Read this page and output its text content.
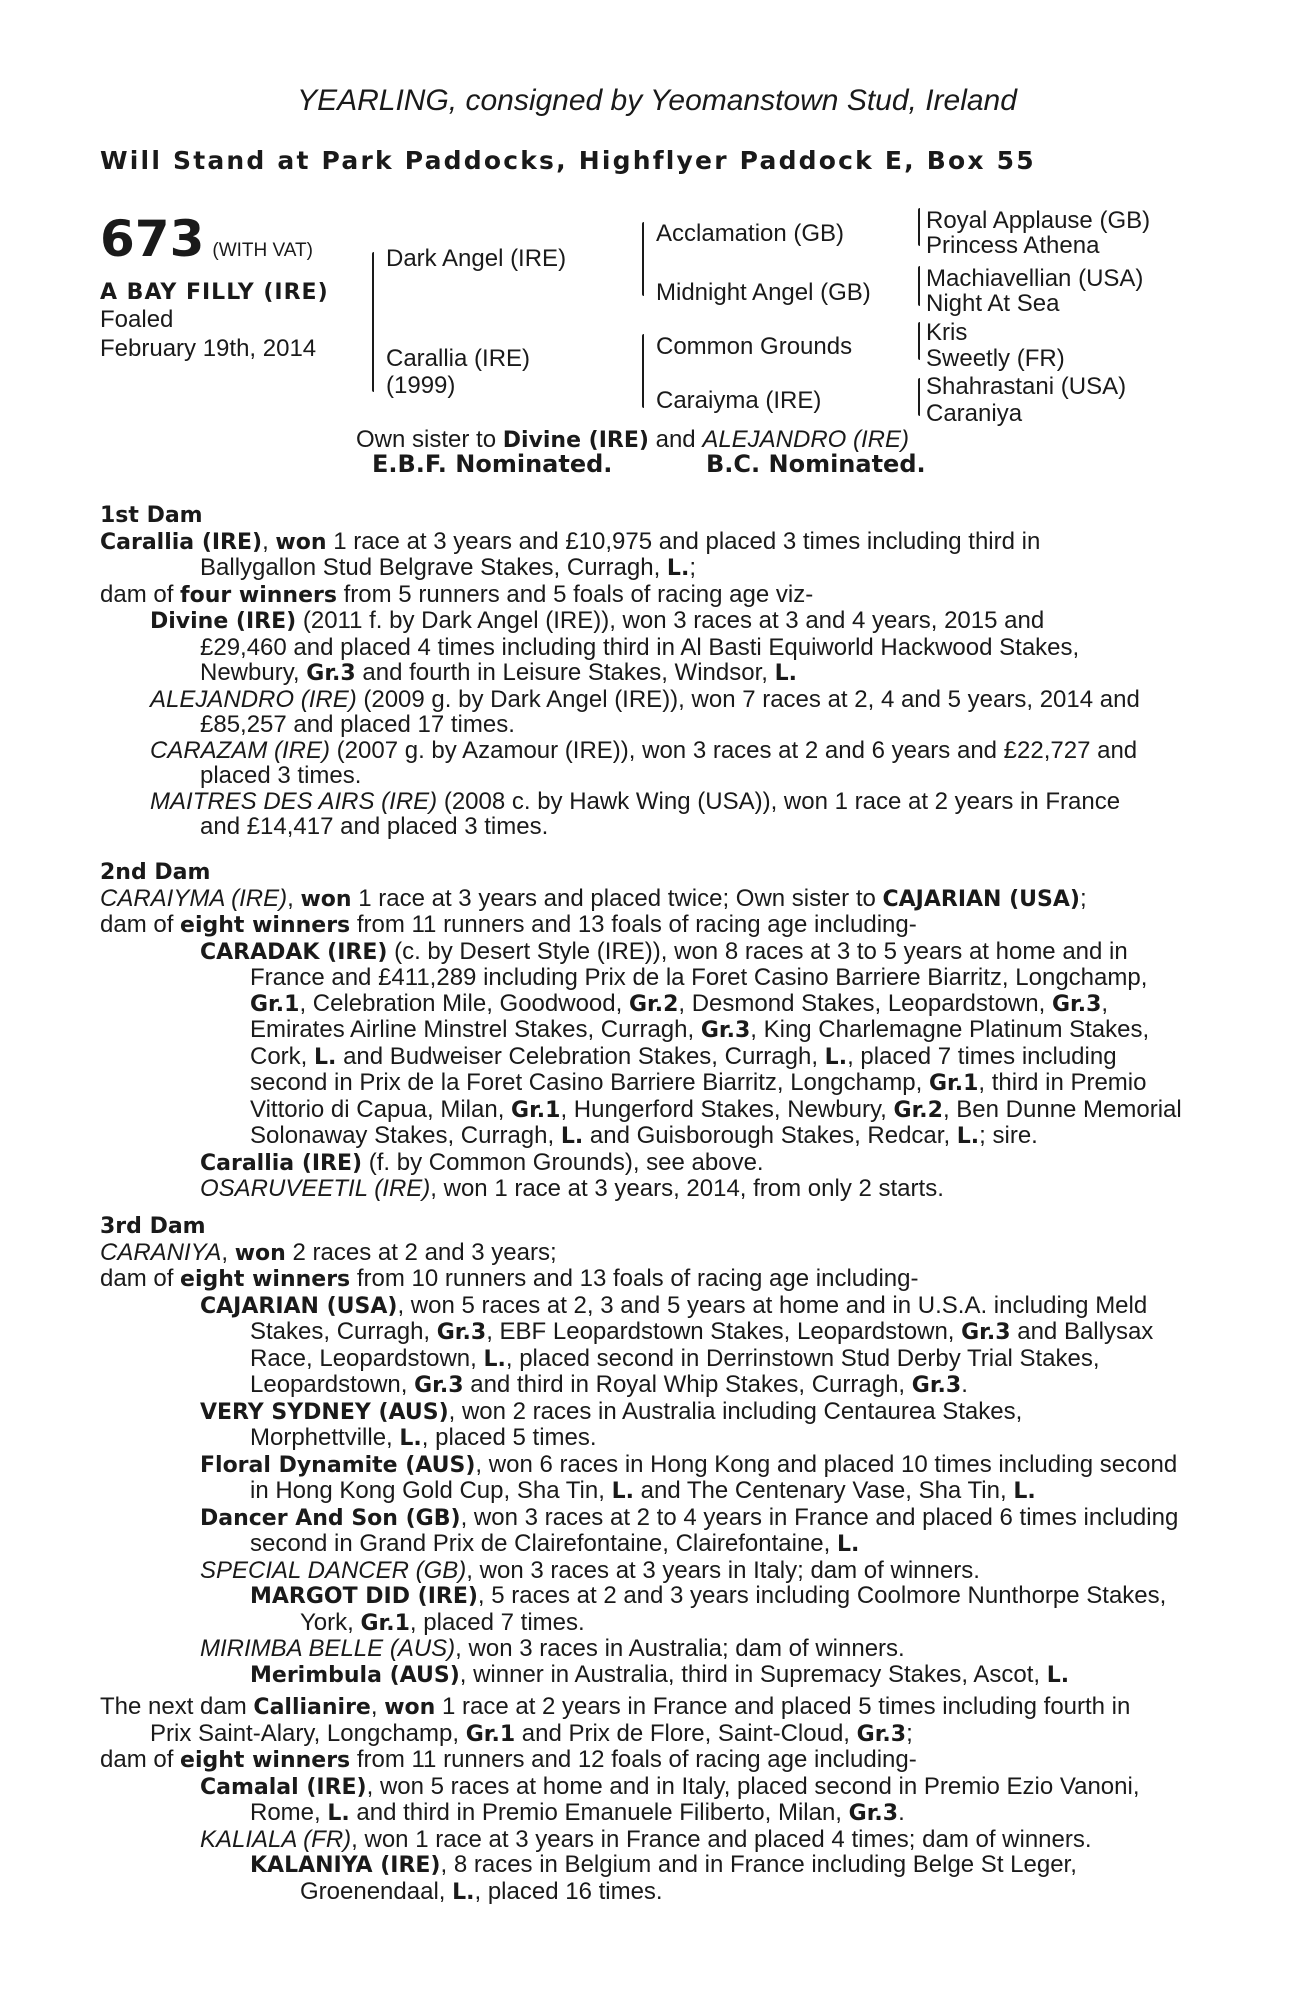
YEARLING, consigned by Yeomanstown Stud, Ireland
Will Stand at Park Paddocks, Highflyer Paddock E, Box 55
673 (WITH VAT)
A BAY FILLY (IRE)
Foaled
February 19th, 2014
Dark Angel (IRE)
Carallia (IRE)
(1999)
Acclamation (GB)
Midnight Angel (GB)
Common Grounds
Caraiyma (IRE)
Royal Applause (GB)
Princess Athena
Machiavellian (USA)
Night At Sea
Kris
Sweetly (FR)
Shahrastani (USA)
Caraniya
Own sister to Divine (IRE) and ALEJANDRO (IRE)
E.B.F. Nominated.	B.C. Nominated.
1st Dam
Carallia (IRE), won 1 race at 3 years and £10,975 and placed 3 times including third in
Ballygallon Stud Belgrave Stakes, Curragh, L.;
dam of four winners from 5 runners and 5 foals of racing age viz-
Divine (IRE) (2011 f. by Dark Angel (IRE)), won 3 races at 3 and 4 years, 2015 and
£29,460 and placed 4 times including third in Al Basti Equiworld Hackwood Stakes,
Newbury, Gr.3 and fourth in Leisure Stakes, Windsor, L.
ALEJANDRO (IRE) (2009 g. by Dark Angel (IRE)), won 7 races at 2, 4 and 5 years, 2014 and
£85,257 and placed 17 times.
CARAZAM (IRE) (2007 g. by Azamour (IRE)), won 3 races at 2 and 6 years and £22,727 and
placed 3 times.
MAITRES DES AIRS (IRE) (2008 c. by Hawk Wing (USA)), won 1 race at 2 years in France
and £14,417 and placed 3 times.
2nd Dam
CARAIYMA (IRE), won 1 race at 3 years and placed twice; Own sister to CAJARIAN (USA);
dam of eight winners from 11 runners and 13 foals of racing age including-
CARADAK (IRE) (c. by Desert Style (IRE)), won 8 races at 3 to 5 years at home and in
France and £411,289 including Prix de la Foret Casino Barriere Biarritz, Longchamp,
Gr.1, Celebration Mile, Goodwood, Gr.2, Desmond Stakes, Leopardstown, Gr.3,
Emirates Airline Minstrel Stakes, Curragh, Gr.3, King Charlemagne Platinum Stakes,
Cork, L. and Budweiser Celebration Stakes, Curragh, L., placed 7 times including
second in Prix de la Foret Casino Barriere Biarritz, Longchamp, Gr.1, third in Premio
Vittorio di Capua, Milan, Gr.1, Hungerford Stakes, Newbury, Gr.2, Ben Dunne Memorial
Solonaway Stakes, Curragh, L. and Guisborough Stakes, Redcar, L.; sire.
Carallia (IRE) (f. by Common Grounds), see above.
OSARUVEETIL (IRE), won 1 race at 3 years, 2014, from only 2 starts.
3rd Dam
CARANIYA, won 2 races at 2 and 3 years;
dam of eight winners from 10 runners and 13 foals of racing age including-
CAJARIAN (USA), won 5 races at 2, 3 and 5 years at home and in U.S.A. including Meld
Stakes, Curragh, Gr.3, EBF Leopardstown Stakes, Leopardstown, Gr.3 and Ballysax
Race, Leopardstown, L., placed second in Derrinstown Stud Derby Trial Stakes,
Leopardstown, Gr.3 and third in Royal Whip Stakes, Curragh, Gr.3.
VERY SYDNEY (AUS), won 2 races in Australia including Centaurea Stakes,
Morphettville, L., placed 5 times.
Floral Dynamite (AUS), won 6 races in Hong Kong and placed 10 times including second
in Hong Kong Gold Cup, Sha Tin, L. and The Centenary Vase, Sha Tin, L.
Dancer And Son (GB), won 3 races at 2 to 4 years in France and placed 6 times including
second in Grand Prix de Clairefontaine, Clairefontaine, L.
SPECIAL DANCER (GB), won 3 races at 3 years in Italy; dam of winners.
MARGOT DID (IRE), 5 races at 2 and 3 years including Coolmore Nunthorpe Stakes,
York, Gr.1, placed 7 times.
MIRIMBA BELLE (AUS), won 3 races in Australia; dam of winners.
Merimbula (AUS), winner in Australia, third in Supremacy Stakes, Ascot, L.
The next dam Callianire, won 1 race at 2 years in France and placed 5 times including fourth in
Prix Saint-Alary, Longchamp, Gr.1 and Prix de Flore, Saint-Cloud, Gr.3;
dam of eight winners from 11 runners and 12 foals of racing age including-
Camalal (IRE), won 5 races at home and in Italy, placed second in Premio Ezio Vanoni,
Rome, L. and third in Premio Emanuele Filiberto, Milan, Gr.3.
KALIALA (FR), won 1 race at 3 years in France and placed 4 times; dam of winners.
KALANIYA (IRE), 8 races in Belgium and in France including Belge St Leger,
Groenendaal, L., placed 16 times.
